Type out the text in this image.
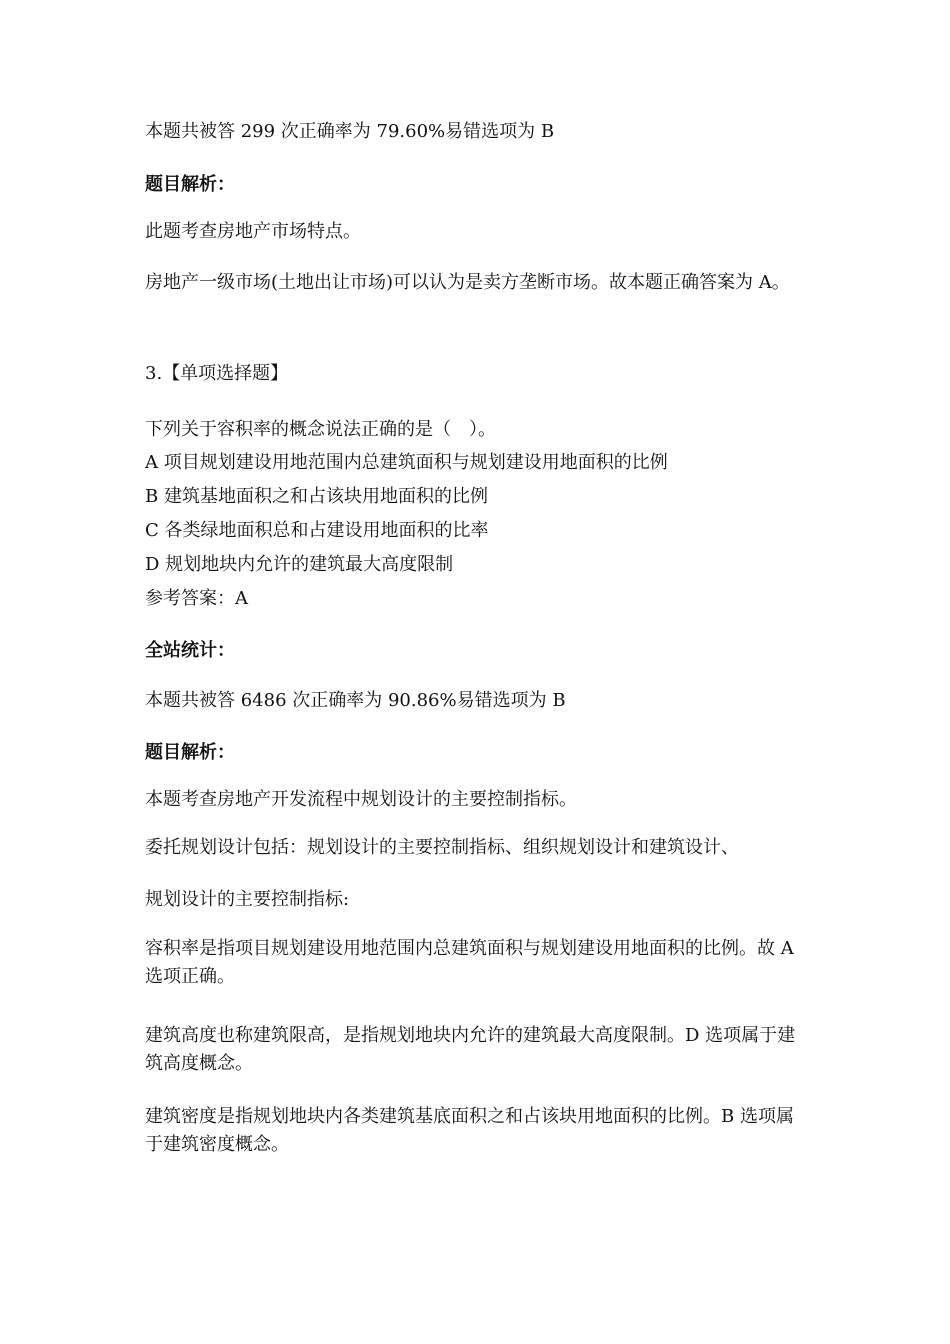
本题共被答 299 次正确率为 79.60%易错选项为 B
题目解析：
此题考查房地产市场特点。
房地产一级市场(土地出让市场)可以认为是卖方垄断市场。故本题正确答案为 A。
3.【单项选择题】
下列关于容积率的概念说法正确的是（　）。
A 项目规划建设用地范围内总建筑面积与规划建设用地面积的比例
B 建筑基地面积之和占该块用地面积的比例
C 各类绿地面积总和占建设用地面积的比率
D 规划地块内允许的建筑最大高度限制
参考答案：A
全站统计：
本题共被答 6486 次正确率为 90.86%易错选项为 B
题目解析：
本题考查房地产开发流程中规划设计的主要控制指标。
委托规划设计包括：规划设计的主要控制指标、组织规划设计和建筑设计、
规划设计的主要控制指标:
容积率是指项目规划建设用地范围内总建筑面积与规划建设用地面积的比例。故 A 选项正确。
建筑高度也称建筑限高，是指规划地块内允许的建筑最大高度限制。D 选项属于建筑高度概念。
建筑密度是指规划地块内各类建筑基底面积之和占该块用地面积的比例。B 选项属于建筑密度概念。
